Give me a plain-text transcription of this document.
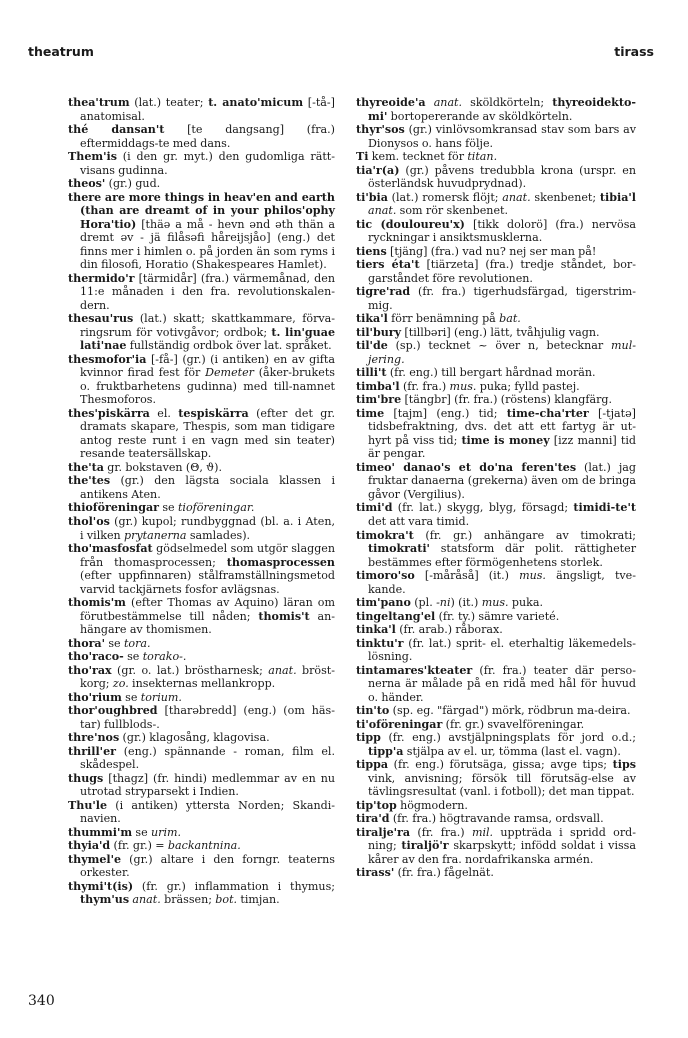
theatrum	tirass

thea'trum (lat.) teater; t. anato'micum [-tå-] anatomisal.

thé dansan't [te dangsang] (fra.) eftermiddags-te med dans.

Them'is (i den gr. myt.) den gudomliga rätt-visans gudinna.

theos' (gr.) gud.

there are more things in heav'en and earth (than are dreamt of in your philos'ophy Hora'tio) [thäə a må - hevn ənd əth thän a dremt əv - jä filåsəfi håreijsjåo] (eng.) det finns mer i himlen o. på jorden än som ryms i din filosofi, Horatio (Shakespeares Hamlet).

thermido'r [tärmidår] (fra.) värmemånad, den 11:e månaden i den fra. revolutionskalen-dern.

thesau'rus (lat.) skatt; skattkammare, förva-ringsrum för votivgåvor; ordbok; t. lin'guae lati'nae fullständig ordbok över lat. språket.

thesmofor'ia [-få-] (gr.) (i antiken) en av gifta kvinnor firad fest för Demeter (åker-brukets o. fruktbarhetens gudinna) med till-namnet Thesmoforos.

thes'piskärra el. tespiskärra (efter det gr. dramats skapare, Thespis, som man tidigare antog reste runt i en vagn med sin teater) resande teatersällskap.

the'ta gr. bokstaven (Θ, ϑ).

the'tes (gr.) den lägsta sociala klassen i antikens Aten.

thioföreningar se tioföreningar.

thol'os (gr.) kupol; rundbyggnad (bl. a. i Aten, i vilken prytanerna samlades).

tho'masfosfat gödselmedel som utgör slaggen från thomasprocessen; thomasprocessen (efter uppfinnaren) stålframställningsmetod varvid tackjärnets fosfor avlägsnas.

thomis'm (efter Thomas av Aquino) läran om förutbestämmelse till nåden; thomis't an-hängare av thomismen.

thora' se tora.

tho'raco- se torako-.

tho'rax (gr. o. lat.) bröstharnesk; anat. bröst-korg; zo. insekternas mellankropp.

tho'rium se torium.

thor'oughbred [tharəbredd] (eng.) (om häs-tar) fullblods-.

thre'nos (gr.) klagosång, klagovisa.

thrill'er (eng.) spännande - roman, film el. skådespel.

thugs [thagz] (fr. hindi) medlemmar av en nu utrotad stryparsekt i Indien.

Thu'le (i antiken) yttersta Norden; Skandi-navien.

thummi'm se urim.

thyia'd (fr. gr.) = backantnina.

thymel'e (gr.) altare i den forngr. teaterns orkester.

thymi't(is) (fr. gr.) inflammation i thymus; thym'us anat. brässen; bot. timjan.

thyreoide'a anat. sköldkörteln; thyreoidekto-mi' bortopererande av sköldkörteln.

thyr'sos (gr.) vinlövsomkransad stav som bars av Dionysos o. hans följe.

Ti kem. tecknet för titan.

tia'r(a) (gr.) påvens tredubbla krona (urspr. en österländsk huvudprydnad).

ti'bia (lat.) romersk flöjt; anat. skenbenet; tibia'l anat. som rör skenbenet.

tic (douloureu'x) [tikk dolorö] (fra.) nervösa ryckningar i ansiktsmusklerna.

tiens [tjäng] (fra.) vad nu? nej ser man på!

tiers éta't [tiärzeta] (fra.) tredje ståndet, bor-garståndet före revolutionen.

tigre'rad (fr. fra.) tigerhudsfärgad, tigerstrim-mig.

tika'l förr benämning på bat.

til'bury [tillbəri] (eng.) lätt, tvåhjulig vagn.

til'de (sp.) tecknet ~ över n, betecknar mul-jering.

tilli't (fr. eng.) till bergart hårdnad morän.

timba'l (fr. fra.) mus. puka; fylld pastej.

tim'bre [tängbr] (fr. fra.) (röstens) klangfärg.

time [tajm] (eng.) tid; time-cha'rter [-tjatə] tidsbefraktning, dvs. det att ett fartyg är ut-hyrt på viss tid; time is money [izz manni] tid är pengar.

timeo' danao's et do'na feren'tes (lat.) jag fruktar danaerna (grekerna) även om de bringa gåvor (Vergilius).

timi'd (fr. lat.) skygg, blyg, försagd; timidi-te't det att vara timid.

timokra't (fr. gr.) anhängare av timokrati; timokrati' statsform där polit. rättigheter bestämmes efter förmögenhetens storlek.

timoro'so [-måråså] (it.) mus. ängsligt, tve-kande.

tim'pano (pl. -ni) (it.) mus. puka.

tingeltang'el (fr. ty.) sämre varieté.

tinka'l (fr. arab.) råborax.

tinktu'r (fr. lat.) sprit- el. eterhaltig läkemedels-lösning.

tintamares'kteater (fr. fra.) teater där perso-nerna är målade på en ridå med hål för huvud o. händer.

tin'to (sp. eg. "färgad") mörk, rödbrun ma-deira.

ti'oföreningar (fr. gr.) svavelföreningar.

tipp (fr. eng.) avstjälpningsplats för jord o.d.; tipp'a stjälpa av el. ur, tömma (last el. vagn).

tippa (fr. eng.) förutsäga, gissa; avge tips; tips vink, anvisning; försök till förutsäg-else av tävlingsresultat (vanl. i fotboll); det man tippat.

tip'top högmodern.

tira'd (fr. fra.) högtravande ramsa, ordsvall.

tiralje'ra (fr. fra.) mil. uppträda i spridd ord-ning; tiraljö'r skarpskytt; infödd soldat i vissa kårer av den fra. nordafrikanska armén.

tirass' (fr. fra.) fågelnät.

340
